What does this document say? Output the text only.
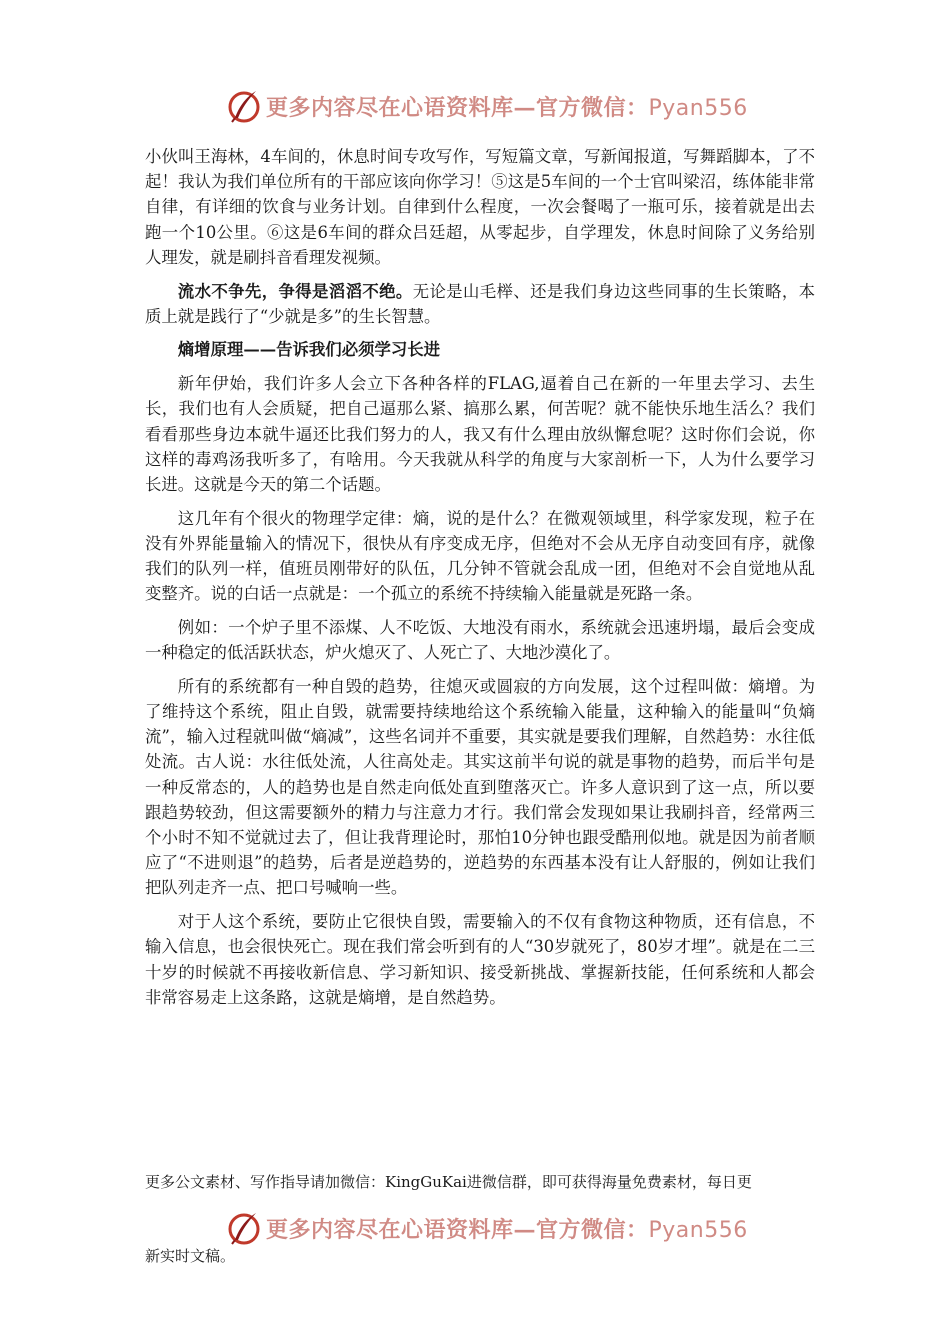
更多内容尽在心语资料库—官方微信：Pyan556

小伙叫王海林，4车间的，休息时间专攻写作，写短篇文章，写新闻报道，写舞蹈脚本，了不起！我认为我们单位所有的干部应该向你学习！⑤这是5车间的一个士官叫梁沼，练体能非常自律，有详细的饮食与业务计划。自律到什么程度，一次会餐喝了一瓶可乐，接着就是出去跑一个10公里。⑥这是6车间的群众吕廷超，从零起步，自学理发，休息时间除了义务给别人理发，就是刷抖音看理发视频。

流水不争先，争得是滔滔不绝。无论是山毛榉、还是我们身边这些同事的生长策略，本质上就是践行了“少就是多”的生长智慧。

熵增原理——告诉我们必须学习长进

新年伊始，我们许多人会立下各种各样的FLAG,逼着自己在新的一年里去学习、去生长，我们也有人会质疑，把自己逼那么紧、搞那么累，何苦呢？就不能快乐地生活么？我们看看那些身边本就牛逼还比我们努力的人，我又有什么理由放纵懈怠呢？这时你们会说，你这样的毒鸡汤我听多了，有啥用。今天我就从科学的角度与大家剖析一下，人为什么要学习长进。这就是今天的第二个话题。

这几年有个很火的物理学定律：熵，说的是什么？在微观领域里，科学家发现，粒子在没有外界能量输入的情况下，很快从有序变成无序，但绝对不会从无序自动变回有序，就像我们的队列一样，值班员刚带好的队伍，几分钟不管就会乱成一团，但绝对不会自觉地从乱变整齐。说的白话一点就是：一个孤立的系统不持续输入能量就是死路一条。

例如：一个炉子里不添煤、人不吃饭、大地没有雨水，系统就会迅速坍塌，最后会变成一种稳定的低活跃状态，炉火熄灭了、人死亡了、大地沙漠化了。

所有的系统都有一种自毁的趋势，往熄灭或圆寂的方向发展，这个过程叫做：熵增。为了维持这个系统，阻止自毁，就需要持续地给这个系统输入能量，这种输入的能量叫“负熵流”，输入过程就叫做“熵减”，这些名词并不重要，其实就是要我们理解，自然趋势：水往低处流。古人说：水往低处流，人往高处走。其实这前半句说的就是事物的趋势，而后半句是一种反常态的，人的趋势也是自然走向低处直到堕落灭亡。许多人意识到了这一点，所以要跟趋势较劲，但这需要额外的精力与注意力才行。我们常会发现如果让我刷抖音，经常两三个小时不知不觉就过去了，但让我背理论时，那怕10分钟也跟受酷刑似地。就是因为前者顺应了“不进则退”的趋势，后者是逆趋势的，逆趋势的东西基本没有让人舒服的，例如让我们把队列走齐一点、把口号喊响一些。

对于人这个系统，要防止它很快自毁，需要输入的不仅有食物这种物质，还有信息，不输入信息，也会很快死亡。现在我们常会听到有的人“30岁就死了，80岁才埋”。就是在二三十岁的时候就不再接收新信息、学习新知识、接受新挑战、掌握新技能，任何系统和人都会非常容易走上这条路，这就是熵增，是自然趋势。

更多公文素材、写作指导请加微信：KingGuKai进微信群，即可获得海量免费素材，每日更
更多内容尽在心语资料库—官方微信：Pyan556
新实时文稿。
